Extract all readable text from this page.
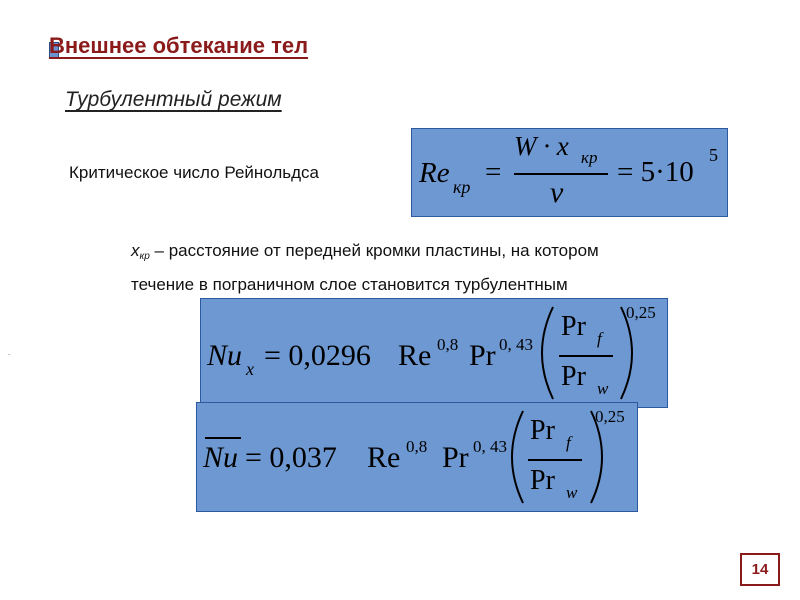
Внешнее обтекание тел
Турбулентный режим
Критическое число Рейнольдса	Re кр =
W · x кр
ν
= 5·10
5
xкр – расстояние от передней кромки пластины, на котором
течение в пограничном слое становится турбулентным
.	Nu x = 0,0296 Re 0,8 Pr 0, 43
Pr f
Pr w
0,25
Nu = 0,037 Re 0,8 Pr 0, 43
Pr f
Pr w
0,25
14
